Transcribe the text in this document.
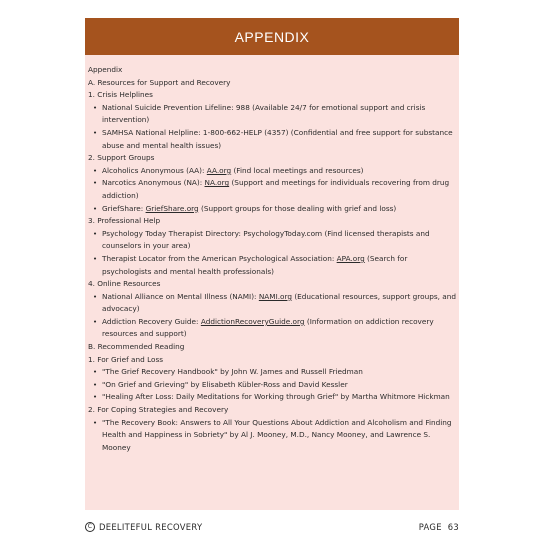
APPENDIX
Appendix
A. Resources for Support and Recovery
1. Crisis Helplines
• National Suicide Prevention Lifeline: 988 (Available 24/7 for emotional support and crisis intervention)
• SAMHSA National Helpline: 1-800-662-HELP (4357) (Confidential and free support for substance abuse and mental health issues)
2. Support Groups
• Alcoholics Anonymous (AA): AA.org (Find local meetings and resources)
• Narcotics Anonymous (NA): NA.org (Support and meetings for individuals recovering from drug addiction)
• GriefShare: GriefShare.org (Support groups for those dealing with grief and loss)
3. Professional Help
• Psychology Today Therapist Directory: PsychologyToday.com (Find licensed therapists and counselors in your area)
• Therapist Locator from the American Psychological Association: APA.org (Search for psychologists and mental health professionals)
4. Online Resources
• National Alliance on Mental Illness (NAMI): NAMI.org (Educational resources, support groups, and advocacy)
• Addiction Recovery Guide: AddictionRecoveryGuide.org (Information on addiction recovery resources and support)
B. Recommended Reading
1. For Grief and Loss
• "The Grief Recovery Handbook" by John W. James and Russell Friedman
• "On Grief and Grieving" by Elisabeth Kübler-Ross and David Kessler
• "Healing After Loss: Daily Meditations for Working through Grief" by Martha Whitmore Hickman
2. For Coping Strategies and Recovery
• "The Recovery Book: Answers to All Your Questions About Addiction and Alcoholism and Finding Health and Happiness in Sobriety" by Al J. Mooney, M.D., Nancy Mooney, and Lawrence S. Mooney
C DEELITEFUL RECOVERY	PAGE 63
